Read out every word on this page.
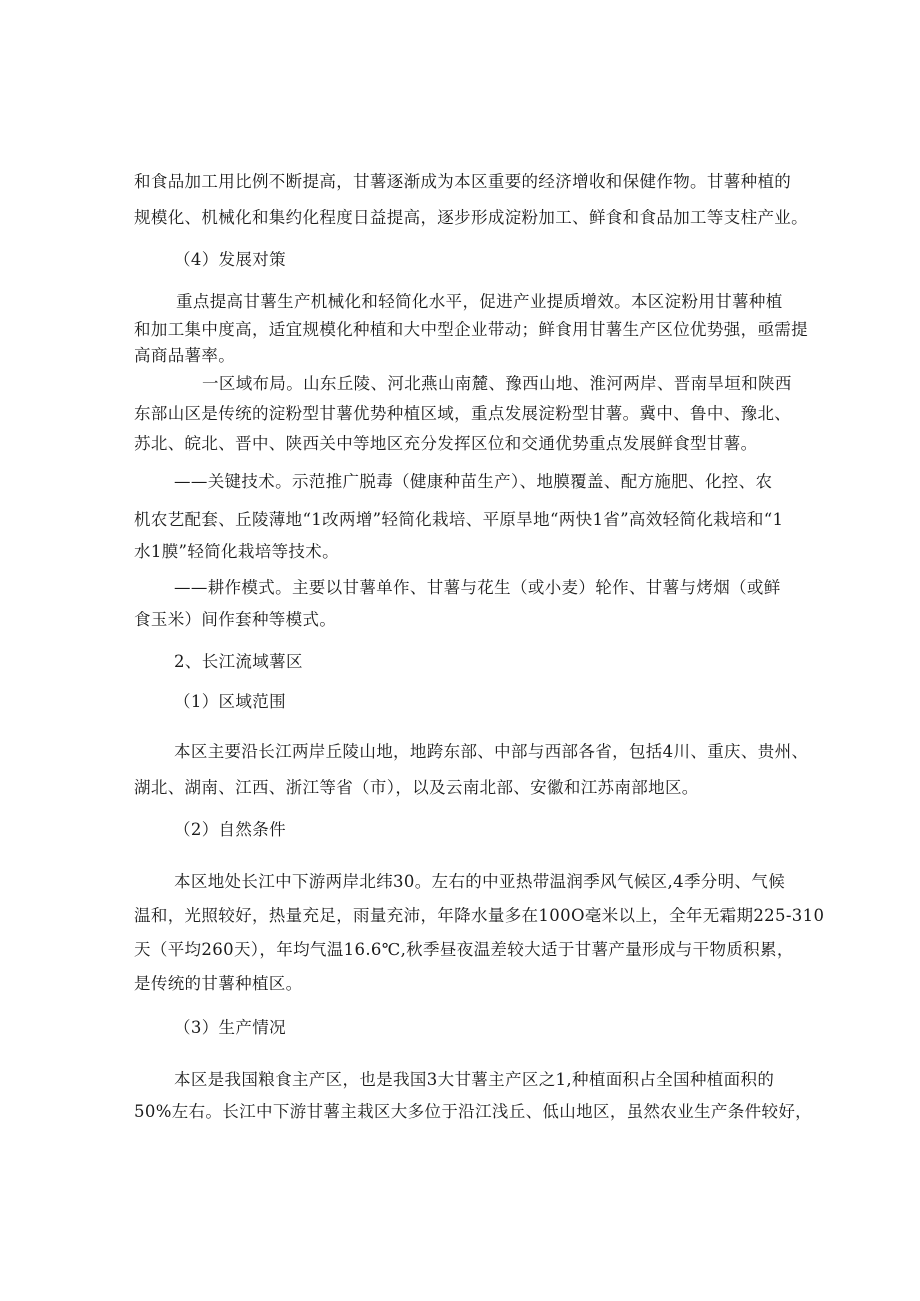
和食品加工用比例不断提高，甘薯逐渐成为本区重要的经济增收和保健作物。甘薯种植的
规模化、机械化和集约化程度日益提高，逐步形成淀粉加工、鲜食和食品加工等支柱产业。
（4）发展对策
重点提高甘薯生产机械化和轻简化水平，促进产业提质增效。本区淀粉用甘薯种植
和加工集中度高，适宜规模化种植和大中型企业带动；鲜食用甘薯生产区位优势强，亟需提
高商品薯率。
一区域布局。山东丘陵、河北燕山南麓、豫西山地、淮河两岸、晋南旱垣和陕西
东部山区是传统的淀粉型甘薯优势种植区域，重点发展淀粉型甘薯。冀中、鲁中、豫北、
苏北、皖北、晋中、陕西关中等地区充分发挥区位和交通优势重点发展鲜食型甘薯。
——关键技术。示范推广脱毒（健康种苗生产）、地膜覆盖、配方施肥、化控、农
机农艺配套、丘陵薄地“1改两增”轻简化栽培、平原旱地“两快1省”高效轻简化栽培和“1
水1膜”轻简化栽培等技术。
——耕作模式。主要以甘薯单作、甘薯与花生（或小麦）轮作、甘薯与烤烟（或鲜
食玉米）间作套种等模式。
2、长江流域薯区
（1）区域范围
本区主要沿长江两岸丘陵山地，地跨东部、中部与西部各省，包括4川、重庆、贵州、
湖北、湖南、江西、浙江等省（市），以及云南北部、安徽和江苏南部地区。
（2）自然条件
本区地处长江中下游两岸北纬30。左右的中亚热带温润季风气候区,4季分明、气候
温和，光照较好，热量充足，雨量充沛，年降水量多在100O毫米以上，全年无霜期225-310
天（平均260天），年均气温16.6℃,秋季昼夜温差较大适于甘薯产量形成与干物质积累，
是传统的甘薯种植区。
（3）生产情况
本区是我国粮食主产区，也是我国3大甘薯主产区之1,种植面积占全国种植面积的
50%左右。长江中下游甘薯主栽区大多位于沿江浅丘、低山地区，虽然农业生产条件较好，
